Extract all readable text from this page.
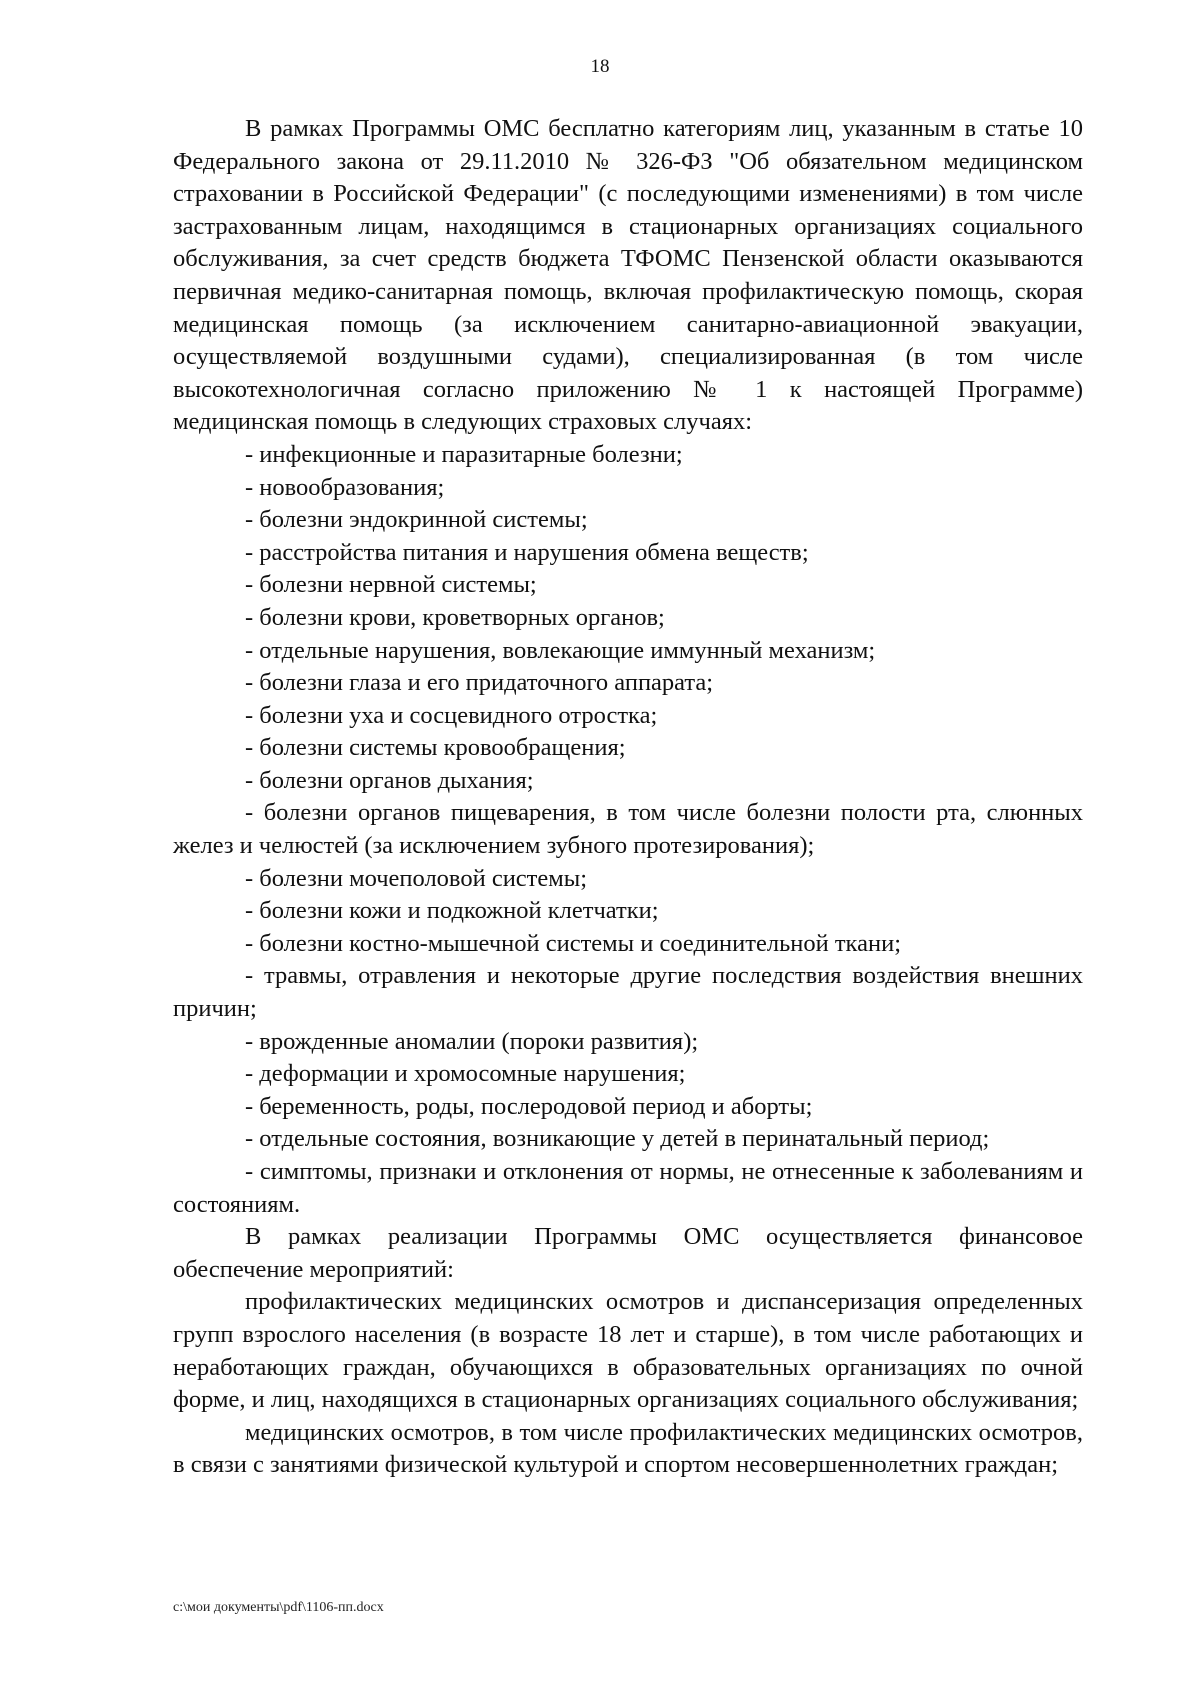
18

В рамках Программы ОМС бесплатно категориям лиц, указанным в статье 10 Федерального закона от 29.11.2010 № 326-ФЗ "Об обязательном медицинском страховании в Российской Федерации" (с последующими изменениями) в том числе застрахованным лицам, находящимся в стационарных организациях социального обслуживания, за счет средств бюджета ТФОМС Пензенской области оказываются первичная медико-санитарная помощь, включая профилактическую помощь, скорая медицинская помощь (за исключением санитарно-авиационной эвакуации, осуществляемой воздушными судами), специализированная (в том числе высокотехнологичная согласно приложению № 1 к настоящей Программе) медицинская помощь в следующих страховых случаях:

- инфекционные и паразитарные болезни;

- новообразования;

- болезни эндокринной системы;

- расстройства питания и нарушения обмена веществ;

- болезни нервной системы;

- болезни крови, кроветворных органов;

- отдельные нарушения, вовлекающие иммунный механизм;

- болезни глаза и его придаточного аппарата;

- болезни уха и сосцевидного отростка;

- болезни системы кровообращения;

- болезни органов дыхания;

- болезни органов пищеварения, в том числе болезни полости рта, слюнных желез и челюстей (за исключением зубного протезирования);

- болезни мочеполовой системы;

- болезни кожи и подкожной клетчатки;

- болезни костно-мышечной системы и соединительной ткани;

- травмы, отравления и некоторые другие последствия воздействия внешних причин;

- врожденные аномалии (пороки развития);

- деформации и хромосомные нарушения;

- беременность, роды, послеродовой период и аборты;

- отдельные состояния, возникающие у детей в перинатальный период;

- симптомы, признаки и отклонения от нормы, не отнесенные к заболеваниям и состояниям.

В рамках реализации Программы ОМС осуществляется финансовое обеспечение мероприятий:

профилактических медицинских осмотров и диспансеризация определенных групп взрослого населения (в возрасте 18 лет и старше), в том числе работающих и неработающих граждан, обучающихся в образовательных организациях по очной форме, и лиц, находящихся в стационарных организациях социального обслуживания;

медицинских осмотров, в том числе профилактических медицинских осмотров, в связи с занятиями физической культурой и спортом несовершеннолетних граждан;

c:\мои документы\pdf\1106-пп.docx
